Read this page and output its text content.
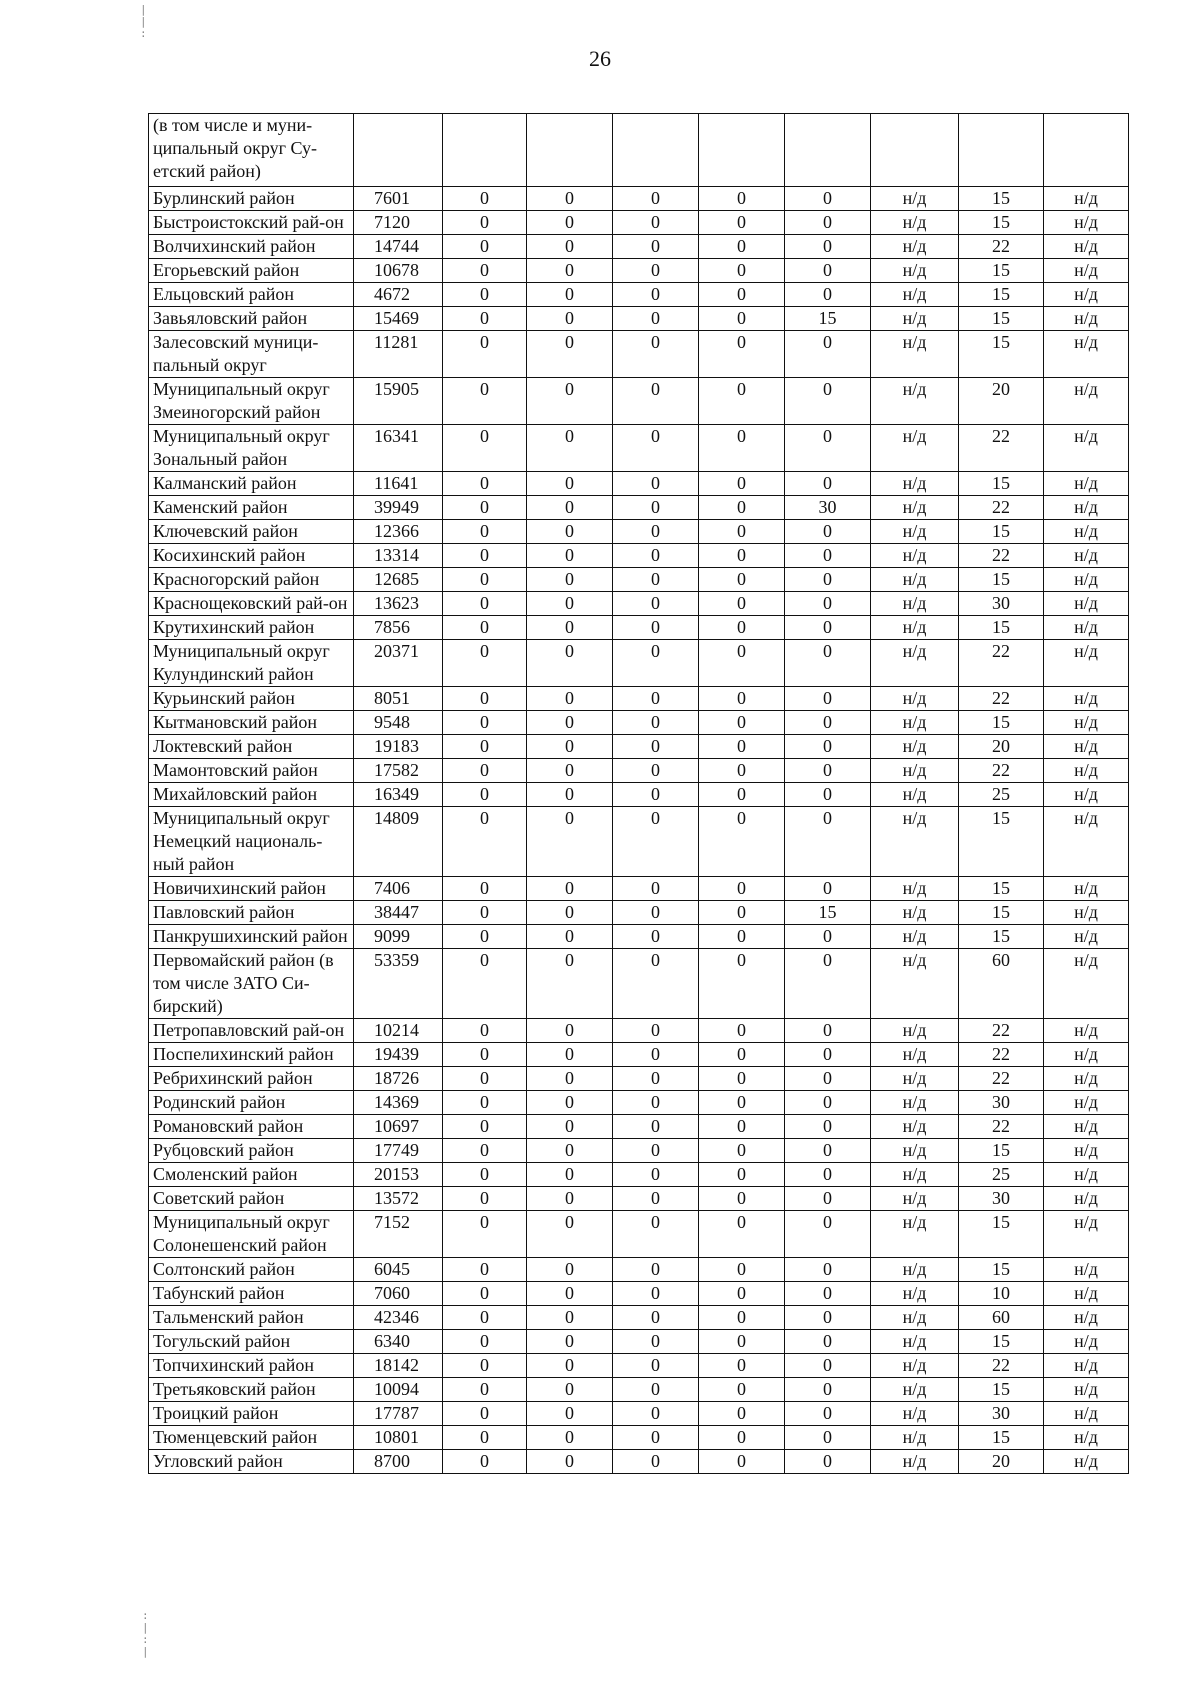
26
|
|
:
:
|
:
|
(в том числе и муни-ципальный округ Су-етский район)									
Бурлинский район	7601	0	0	0	0	0	н/д	15	н/д
Быстроистокский рай-он	7120	0	0	0	0	0	н/д	15	н/д
Волчихинский район	14744	0	0	0	0	0	н/д	22	н/д
Егорьевский район	10678	0	0	0	0	0	н/д	15	н/д
Ельцовский район	4672	0	0	0	0	0	н/д	15	н/д
Завьяловский район	15469	0	0	0	0	15	н/д	15	н/д
Залесовский муници-пальный округ	11281	0	0	0	0	0	н/д	15	н/д
Муниципальный округ Змеиногорский район	15905	0	0	0	0	0	н/д	20	н/д
Муниципальный округ Зональный район	16341	0	0	0	0	0	н/д	22	н/д
Калманский район	11641	0	0	0	0	0	н/д	15	н/д
Каменский район	39949	0	0	0	0	30	н/д	22	н/д
Ключевский район	12366	0	0	0	0	0	н/д	15	н/д
Косихинский район	13314	0	0	0	0	0	н/д	22	н/д
Красногорский район	12685	0	0	0	0	0	н/д	15	н/д
Краснощековский рай-он	13623	0	0	0	0	0	н/д	30	н/д
Крутихинский район	7856	0	0	0	0	0	н/д	15	н/д
Муниципальный округ Кулундинский район	20371	0	0	0	0	0	н/д	22	н/д
Курьинский район	8051	0	0	0	0	0	н/д	22	н/д
Кытмановский район	9548	0	0	0	0	0	н/д	15	н/д
Локтевский район	19183	0	0	0	0	0	н/д	20	н/д
Мамонтовский район	17582	0	0	0	0	0	н/д	22	н/д
Михайловский район	16349	0	0	0	0	0	н/д	25	н/д
Муниципальный округ Немецкий националь-ный район	14809	0	0	0	0	0	н/д	15	н/д
Новичихинский район	7406	0	0	0	0	0	н/д	15	н/д
Павловский район	38447	0	0	0	0	15	н/д	15	н/д
Панкрушихинский район	9099	0	0	0	0	0	н/д	15	н/д
Первомайский район (в том числе ЗАТО Си-бирский)	53359	0	0	0	0	0	н/д	60	н/д
Петропавловский рай-он	10214	0	0	0	0	0	н/д	22	н/д
Поспелихинский район	19439	0	0	0	0	0	н/д	22	н/д
Ребрихинский район	18726	0	0	0	0	0	н/д	22	н/д
Родинский район	14369	0	0	0	0	0	н/д	30	н/д
Романовский район	10697	0	0	0	0	0	н/д	22	н/д
Рубцовский район	17749	0	0	0	0	0	н/д	15	н/д
Смоленский район	20153	0	0	0	0	0	н/д	25	н/д
Советский район	13572	0	0	0	0	0	н/д	30	н/д
Муниципальный округ Солонешенский район	7152	0	0	0	0	0	н/д	15	н/д
Солтонский район	6045	0	0	0	0	0	н/д	15	н/д
Табунский район	7060	0	0	0	0	0	н/д	10	н/д
Тальменский район	42346	0	0	0	0	0	н/д	60	н/д
Тогульский район	6340	0	0	0	0	0	н/д	15	н/д
Топчихинский район	18142	0	0	0	0	0	н/д	22	н/д
Третьяковский район	10094	0	0	0	0	0	н/д	15	н/д
Троицкий район	17787	0	0	0	0	0	н/д	30	н/д
Тюменцевский район	10801	0	0	0	0	0	н/д	15	н/д
Угловский район	8700	0	0	0	0	0	н/д	20	н/д
